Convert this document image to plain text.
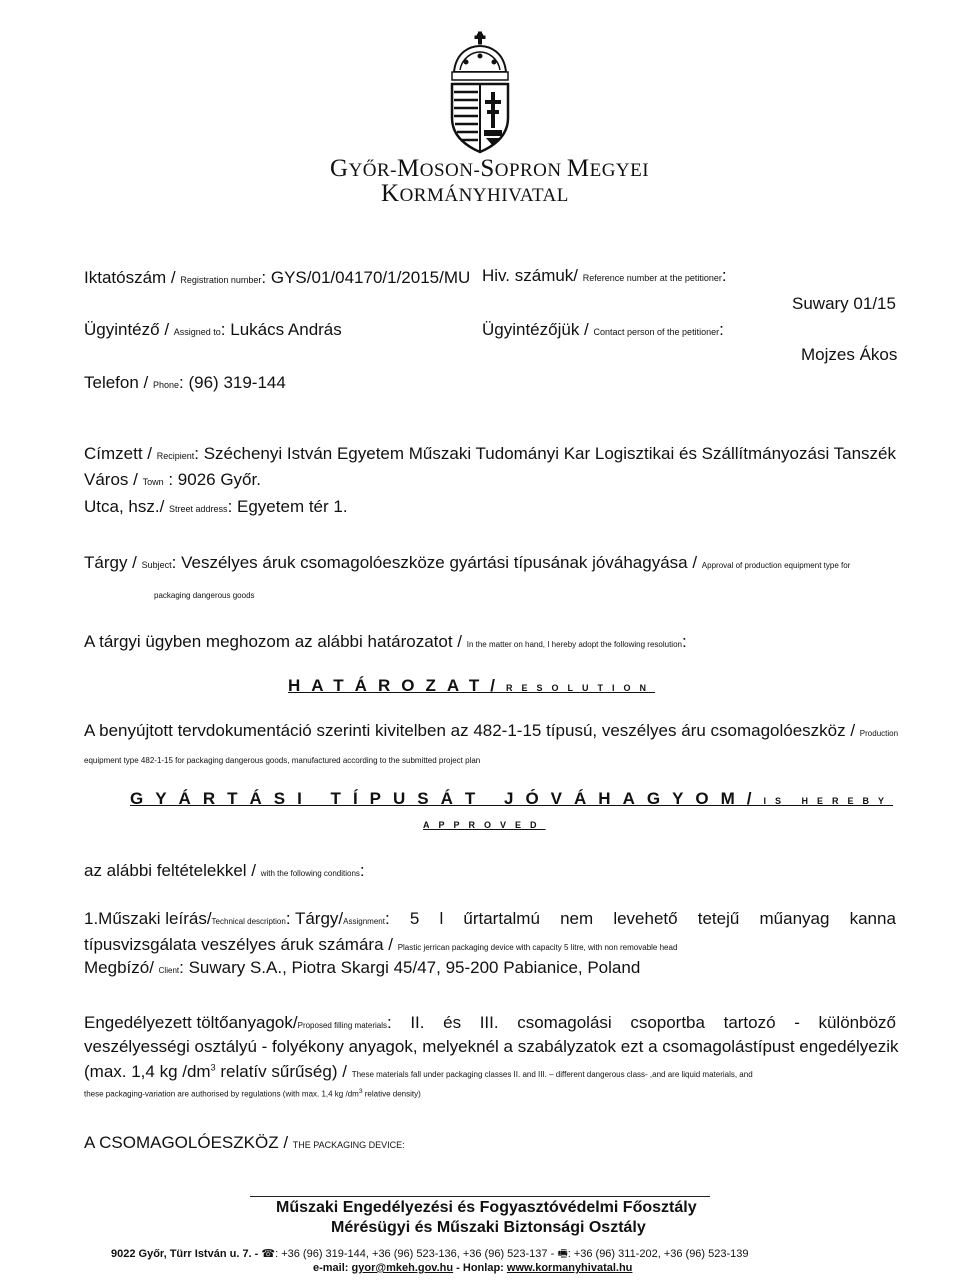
GYŐR-MOSON-SOPRON MEGYEI
KORMÁNYHIVATAL
Iktatószám / Registration number: GYS/01/04170/1/2015/MU Hiv. számuk/ Reference number at the petitioner:
Suwary 01/15
Ügyintéző / Assigned to: Lukács András	Ügyintézőjük / Contact person of the petitioner:
Mojzes Ákos
Telefon / Phone: (96) 319-144
Címzett / Recipient: Széchenyi István Egyetem Műszaki Tudományi Kar Logisztikai és Szállítmányozási Tanszék
Város / Town : 9026 Győr.
Utca, hsz./ Street address: Egyetem tér 1.
Tárgy / Subject: Veszélyes áruk csomagolóeszköze gyártási típusának jóváhagyása / Approval of production equipment type for
packaging dangerous goods
A tárgyi ügyben meghozom az alábbi határozatot / In the matter on hand, I hereby adopt the following resolution:
HATÁROZAT/RESOLUTION
A benyújtott tervdokumentáció szerinti kivitelben az 482-1-15 típusú, veszélyes áru csomagolóeszköz / Production
equipment type 482-1-15 for packaging dangerous goods, manufactured according to the submitted project plan
GYÁRTÁSI TÍPUSÁT JÓVÁHAGYOM/IS HEREBY
APPROVED
az alábbi feltételekkel / with the following conditions:
1.Műszaki leírás/Technical description: Tárgy/Assignment: 5 l űrtartalmú nem levehető tetejű műanyag kanna
típusvizsgálata veszélyes áruk számára / Plastic jerrican packaging device with capacity 5 litre, with non removable head
Megbízó/ Client: Suwary S.A., Piotra Skargi 45/47, 95-200 Pabianice, Poland
Engedélyezett töltőanyagok/Proposed filling materials: II. és III. csomagolási csoportba tartozó - különböző
veszélyességi osztályú - folyékony anyagok, melyeknél a szabályzatok ezt a csomagolástípust engedélyezik
(max. 1,4 kg $/dm^3$ relatív sűrűség) / These materials fall under packaging classes II. and III. – different dangerous class- ,and are liquid materials, and
these packaging-variation are authorised by regulations (with max. 1,4 kg $/dm^3$ relative density)
A CSOMAGOLÓESZKÖZ / THE PACKAGING DEVICE:
Műszaki Engedélyezési és Fogyasztóvédelmi Főosztály
Mérésügyi és Műszaki Biztonsági Osztály
9022 Győr, Türr István u. 7. - ☎: +36 (96) 319-144, +36 (96) 523-136, +36 (96) 523-137 - 🖷: +36 (96) 311-202, +36 (96) 523-139
e-mail: gyor@mkeh.gov.hu - Honlap: www.kormanyhivatal.hu
